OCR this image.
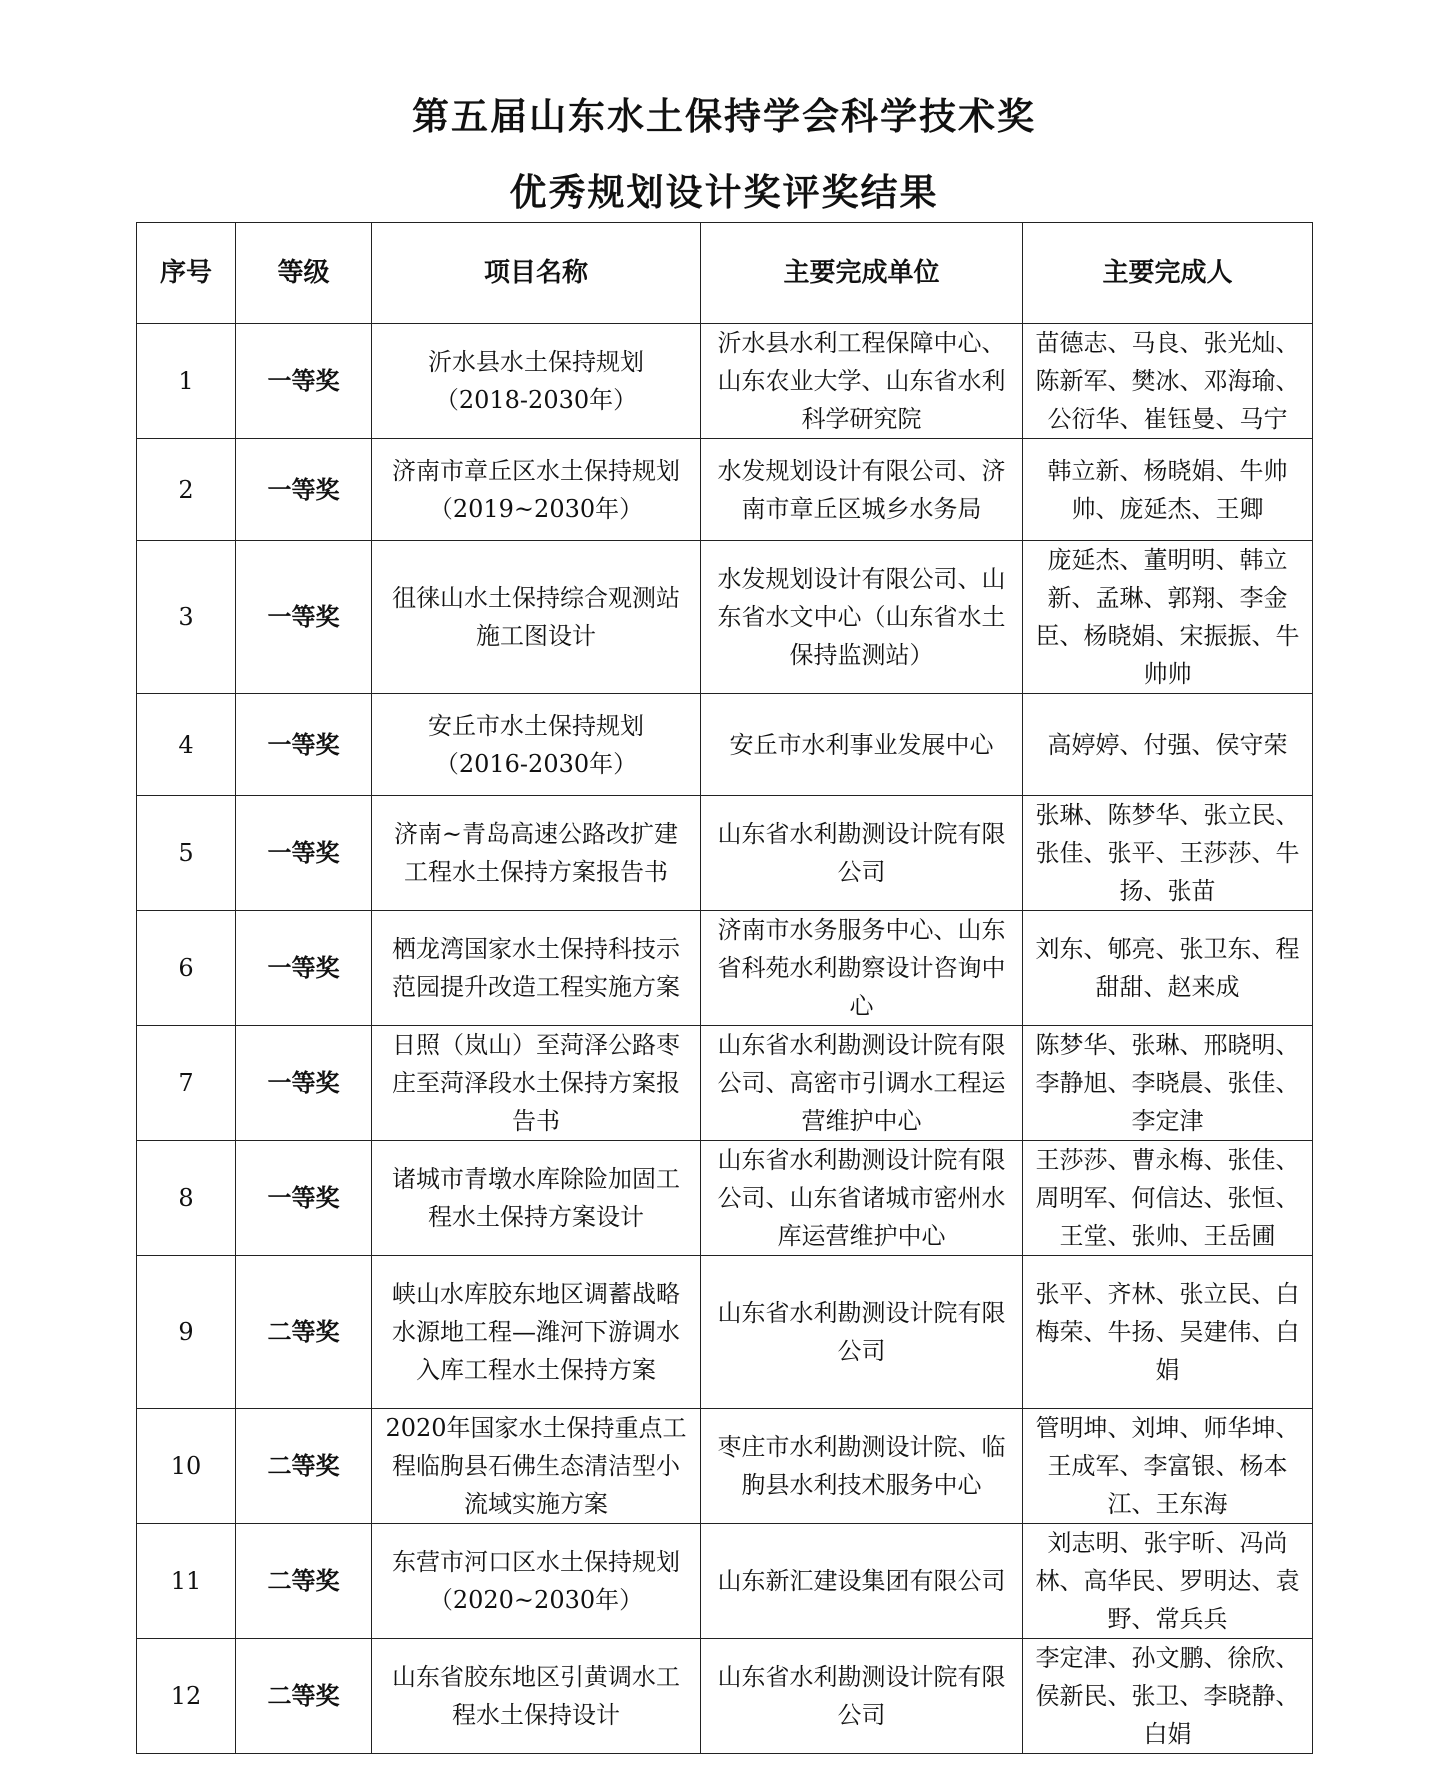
第五届山东水土保持学会科学技术奖
优秀规划设计奖评奖结果
序号	等级	项目名称	主要完成单位	主要完成人
1	一等奖	沂水县水土保持规划（2018-2030年）	沂水县水利工程保障中心、山东农业大学、山东省水利科学研究院	苗德志、马良、张光灿、陈新军、樊冰、邓海瑜、公衍华、崔钰曼、马宁
2	一等奖	济南市章丘区水土保持规划（2019~2030年）	水发规划设计有限公司、济南市章丘区城乡水务局	韩立新、杨晓娟、牛帅帅、庞延杰、王卿
3	一等奖	徂徕山水土保持综合观测站施工图设计	水发规划设计有限公司、山东省水文中心（山东省水土保持监测站）	庞延杰、董明明、韩立新、孟琳、郭翔、李金臣、杨晓娟、宋振振、牛帅帅
4	一等奖	安丘市水土保持规划（2016-2030年）	安丘市水利事业发展中心	高婷婷、付强、侯守荣
5	一等奖	济南~青岛高速公路改扩建工程水土保持方案报告书	山东省水利勘测设计院有限公司	张琳、陈梦华、张立民、张佳、张平、王莎莎、牛扬、张苗
6	一等奖	栖龙湾国家水土保持科技示范园提升改造工程实施方案	济南市水务服务中心、山东省科苑水利勘察设计咨询中心	刘东、郇亮、张卫东、程甜甜、赵来成
7	一等奖	日照（岚山）至菏泽公路枣庄至菏泽段水土保持方案报告书	山东省水利勘测设计院有限公司、高密市引调水工程运营维护中心	陈梦华、张琳、邢晓明、李静旭、李晓晨、张佳、李定津
8	一等奖	诸城市青墩水库除险加固工程水土保持方案设计	山东省水利勘测设计院有限公司、山东省诸城市密州水库运营维护中心	王莎莎、曹永梅、张佳、周明军、何信达、张恒、王堂、张帅、王岳圃
9	二等奖	峡山水库胶东地区调蓄战略水源地工程—潍河下游调水入库工程水土保持方案	山东省水利勘测设计院有限公司	张平、齐林、张立民、白梅荣、牛扬、吴建伟、白娟
10	二等奖	2020年国家水土保持重点工程临朐县石佛生态清洁型小流域实施方案	枣庄市水利勘测设计院、临朐县水利技术服务中心	管明坤、刘坤、师华坤、王成军、李富银、杨本江、王东海
11	二等奖	东营市河口区水土保持规划（2020~2030年）	山东新汇建设集团有限公司	刘志明、张宇昕、冯尚林、高华民、罗明达、袁野、常兵兵
12	二等奖	山东省胶东地区引黄调水工程水土保持设计	山东省水利勘测设计院有限公司	李定津、孙文鹏、徐欣、侯新民、张卫、李晓静、白娟
